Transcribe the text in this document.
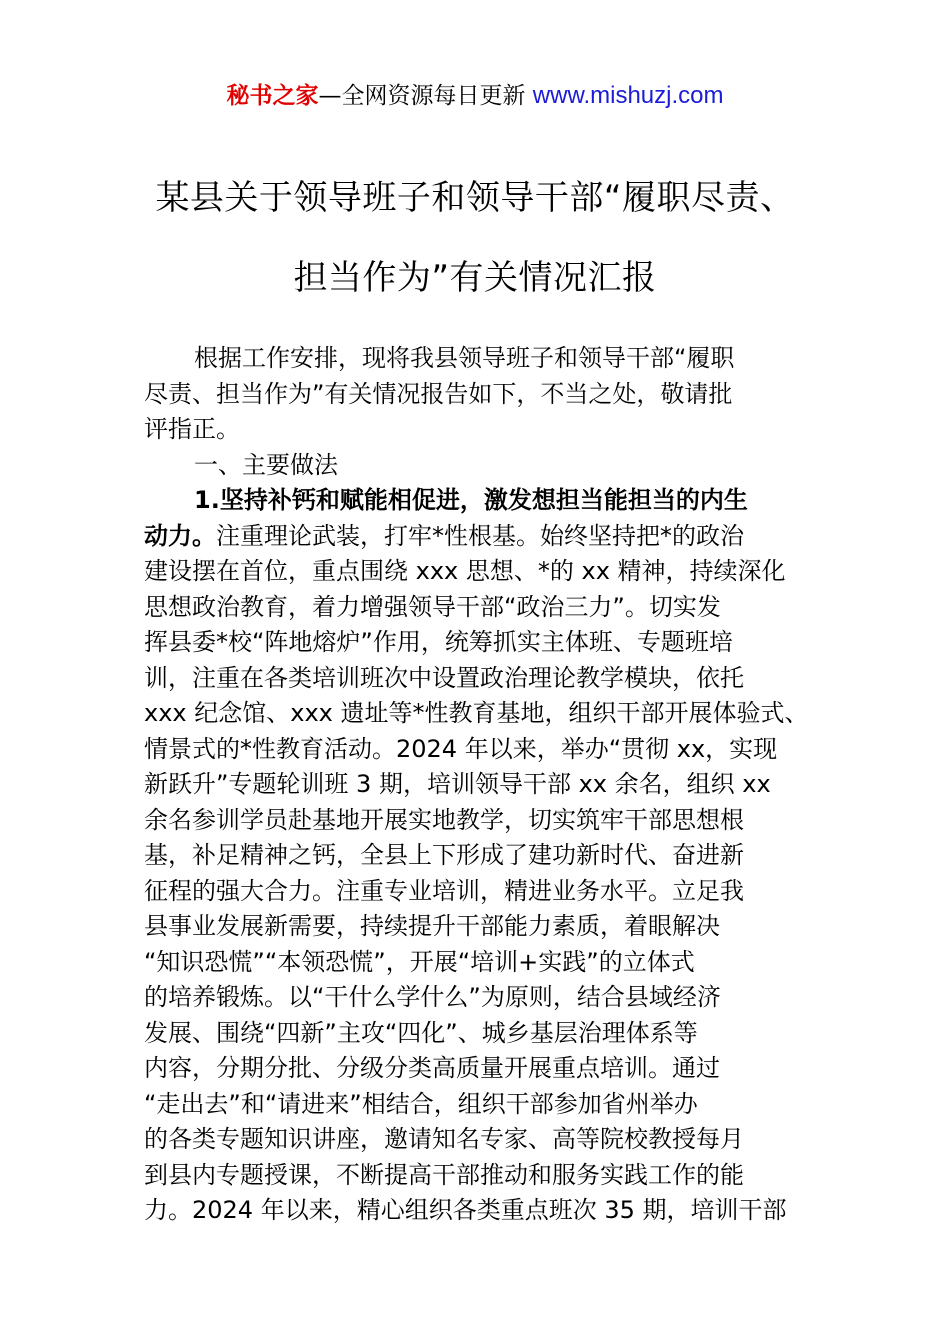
秘书之家—全网资源每日更新 www.mishuzj.com
某县关于领导班子和领导干部“履职尽责、
担当作为”有关情况汇报
根据工作安排，现将我县领导班子和领导干部“履职
尽责、担当作为”有关情况报告如下，不当之处，敬请批
评指正。
一、主要做法
1.坚持补钙和赋能相促进，激发想担当能担当的内生
动力。注重理论武装，打牢*性根基。始终坚持把*的政治
建设摆在首位，重点围绕 xxx 思想、*的 xx 精神，持续深化
思想政治教育，着力增强领导干部“政治三力”。切实发
挥县委*校“阵地熔炉”作用，统筹抓实主体班、专题班培
训，注重在各类培训班次中设置政治理论教学模块，依托
xxx 纪念馆、xxx 遗址等*性教育基地，组织干部开展体验式、
情景式的*性教育活动。2024 年以来，举办“贯彻 xx，实现
新跃升”专题轮训班 3 期，培训领导干部 xx 余名，组织 xx
余名参训学员赴基地开展实地教学，切实筑牢干部思想根
基，补足精神之钙，全县上下形成了建功新时代、奋进新
征程的强大合力。注重专业培训，精进业务水平。立足我
县事业发展新需要，持续提升干部能力素质，着眼解决
“知识恐慌”“本领恐慌”，开展“培训+实践”的立体式
的培养锻炼。以“干什么学什么”为原则，结合县域经济
发展、围绕“四新”主攻“四化”、城乡基层治理体系等
内容，分期分批、分级分类高质量开展重点培训。通过
“走出去”和“请进来”相结合，组织干部参加省州举办
的各类专题知识讲座，邀请知名专家、高等院校教授每月
到县内专题授课，不断提高干部推动和服务实践工作的能
力。2024 年以来，精心组织各类重点班次 35 期，培训干部
